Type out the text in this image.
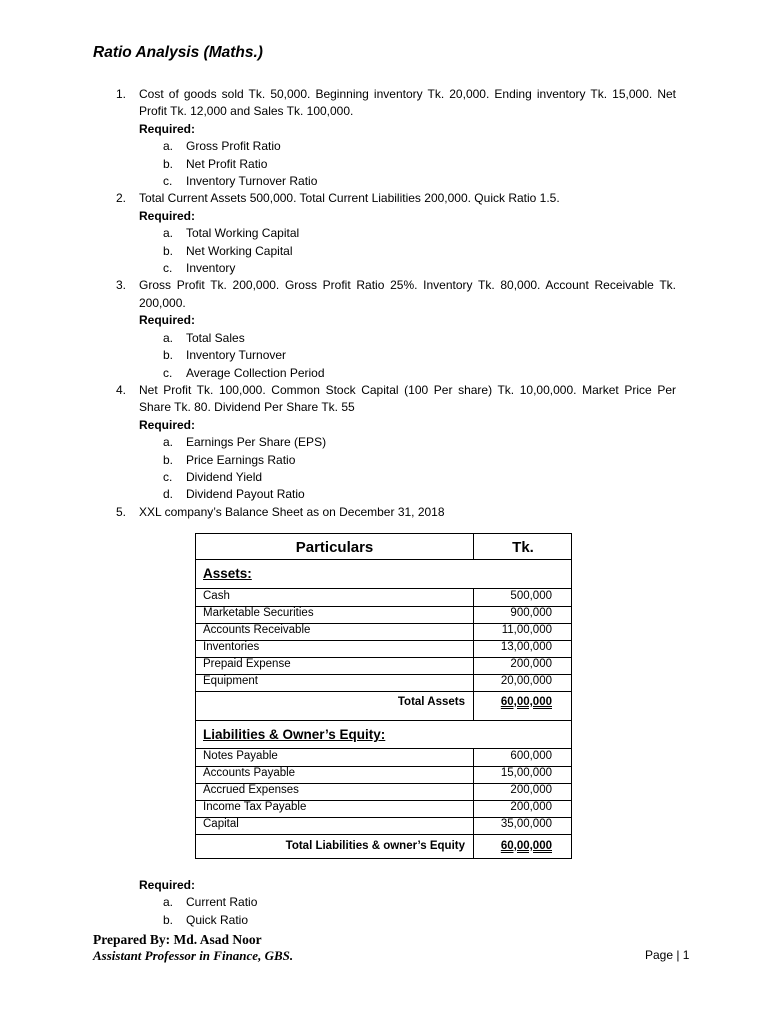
Ratio Analysis (Maths.)
1. Cost of goods sold Tk. 50,000. Beginning inventory Tk. 20,000. Ending inventory Tk. 15,000. Net Profit Tk. 12,000 and Sales Tk. 100,000.
Required:
a. Gross Profit Ratio
b. Net Profit Ratio
c. Inventory Turnover Ratio
2. Total Current Assets 500,000. Total Current Liabilities 200,000. Quick Ratio 1.5.
Required:
a. Total Working Capital
b. Net Working Capital
c. Inventory
3. Gross Profit Tk. 200,000. Gross Profit Ratio 25%. Inventory Tk. 80,000. Account Receivable Tk. 200,000.
Required:
a. Total Sales
b. Inventory Turnover
c. Average Collection Period
4. Net Profit Tk. 100,000. Common Stock Capital (100 Per share) Tk. 10,00,000. Market Price Per Share Tk. 80. Dividend Per Share Tk. 55
Required:
a. Earnings Per Share (EPS)
b. Price Earnings Ratio
c. Dividend Yield
d. Dividend Payout Ratio
5. XXL company’s Balance Sheet as on December 31, 2018
Particulars	Tk.
Assets:
Cash	500,000
Marketable Securities	900,000
Accounts Receivable	11,00,000
Inventories	13,00,000
Prepaid Expense	200,000
Equipment	20,00,000
Total Assets	60,00,000
Liabilities & Owner’s Equity:
Notes Payable	600,000
Accounts Payable	15,00,000
Accrued Expenses	200,000
Income Tax Payable	200,000
Capital	35,00,000
Total Liabilities & owner’s Equity	60,00,000
Required:
a. Current Ratio
b. Quick Ratio
Prepared By: Md. Asad Noor
Assistant Professor in Finance, GBS.	Page | 1
